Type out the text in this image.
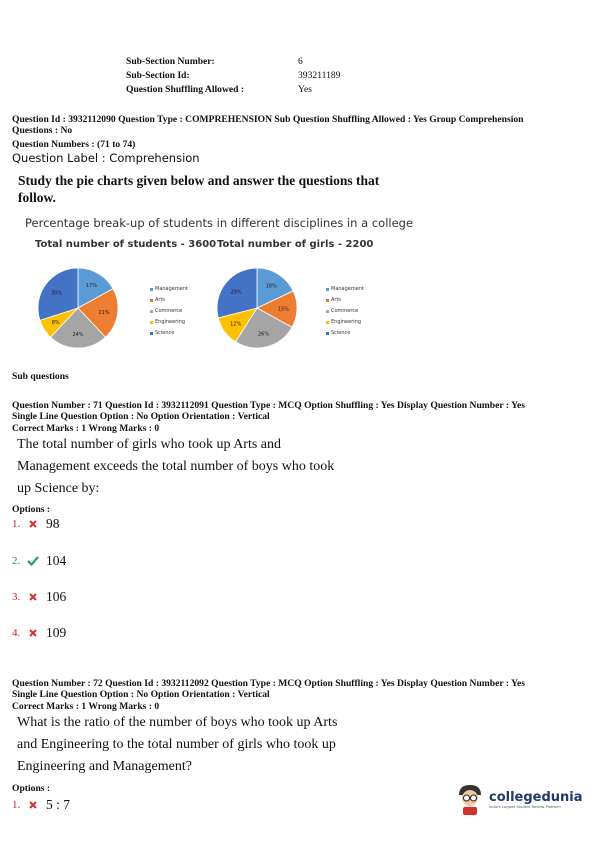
Sub-Section Number:	6
Sub-Section Id:	393211189
Question Shuffling Allowed :	Yes
Question Id : 3932112090 Question Type : COMPREHENSION Sub Question Shuffling Allowed : Yes Group Comprehension
Questions : No
Question Numbers : (71 to 74)
Question Label : Comprehension
Study the pie charts given below and answer the questions that
follow.
Percentage break-up of students in different disciplines in a college
Total number of students - 3600 Total number of girls - 2200
17%
21%
24%
8%
30%
Management
Arts
Commerce
Engineering
Science
18%
15%
26%
12%
29%
Management
Arts
Commerce
Engineering
Science
Sub questions
Question Number : 71 Question Id : 3932112091 Question Type : MCQ Option Shuffling : Yes Display Question Number : Yes
Single Line Question Option : No Option Orientation : Vertical
Correct Marks : 1 Wrong Marks : 0
The total number of girls who took up Arts and
Management exceeds the total number of boys who took
up Science by:
Options :
1. 98
2. 104
3. 106
4. 109
Question Number : 72 Question Id : 3932112092 Question Type : MCQ Option Shuffling : Yes Display Question Number : Yes
Single Line Question Option : No Option Orientation : Vertical
Correct Marks : 1 Wrong Marks : 0
What is the ratio of the number of boys who took up Arts
and Engineering to the total number of girls who took up
Engineering and Management?
Options :
1. 5 : 7	collegedunia
India's Largest Student Review Platform
